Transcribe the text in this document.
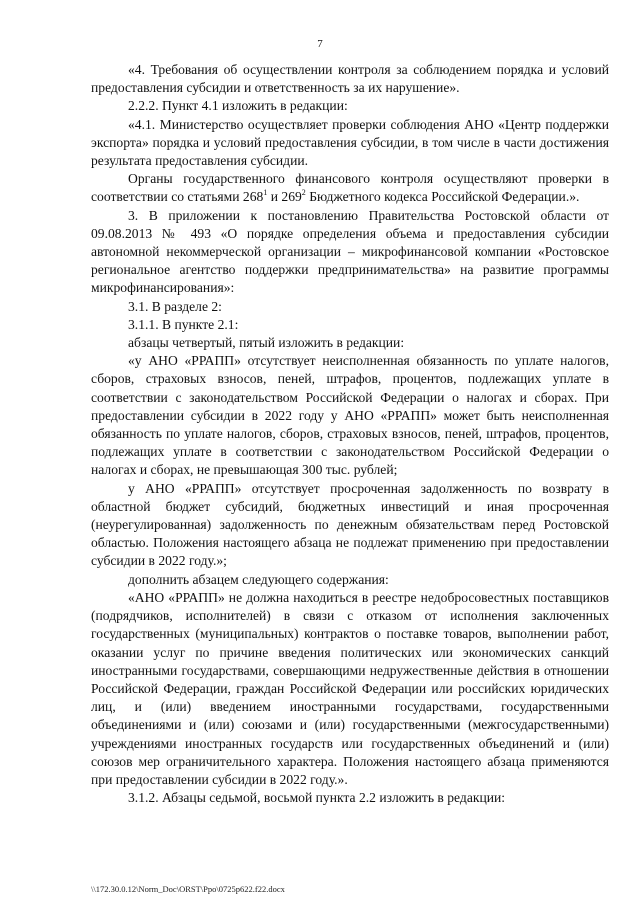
7

«4. Требования об осуществлении контроля за соблюдением порядка и условий предоставления субсидии и ответственность за их нарушение».

2.2.2. Пункт 4.1 изложить в редакции:

«4.1. Министерство осуществляет проверки соблюдения АНО «Центр поддержки экспорта» порядка и условий предоставления субсидии, в том числе в части достижения результата предоставления субсидии.

Органы государственного финансового контроля осуществляют проверки в соответствии со статьями $268^1$ и $269^2$ Бюджетного кодекса Российской Федерации.».

3. В приложении к постановлению Правительства Ростовской области от 09.08.2013 № 493 «О порядке определения объема и предоставления субсидии автономной некоммерческой организации – микрофинансовой компании «Ростовское региональное агентство поддержки предпринимательства» на развитие программы микрофинансирования»:

3.1. В разделе 2:

3.1.1. В пункте 2.1:

абзацы четвертый, пятый изложить в редакции:

«у АНО «РРАПП» отсутствует неисполненная обязанность по уплате налогов, сборов, страховых взносов, пеней, штрафов, процентов, подлежащих уплате в соответствии с законодательством Российской Федерации о налогах и сборах. При предоставлении субсидии в 2022 году у АНО «РРАПП» может быть неисполненная обязанность по уплате налогов, сборов, страховых взносов, пеней, штрафов, процентов, подлежащих уплате в соответствии с законодательством Российской Федерации о налогах и сборах, не превышающая 300 тыс. рублей;

у АНО «РРАПП» отсутствует просроченная задолженность по возврату в областной бюджет субсидий, бюджетных инвестиций и иная просроченная (неурегулированная) задолженность по денежным обязательствам перед Ростовской областью. Положения настоящего абзаца не подлежат применению при предоставлении субсидии в 2022 году.»;

дополнить абзацем следующего содержания:

«АНО «РРАПП» не должна находиться в реестре недобросовестных поставщиков (подрядчиков, исполнителей) в связи с отказом от исполнения заключенных государственных (муниципальных) контрактов о поставке товаров, выполнении работ, оказании услуг по причине введения политических или экономических санкций иностранными государствами, совершающими недружественные действия в отношении Российской Федерации, граждан Российской Федерации или российских юридических лиц, и (или) введением иностранными государствами, государственными объединениями и (или) союзами и (или) государственными (межгосударственными) учреждениями иностранных государств или государственных объединений и (или) союзов мер ограничительного характера. Положения настоящего абзаца применяются при предоставлении субсидии в 2022 году.».

3.1.2. Абзацы седьмой, восьмой пункта 2.2 изложить в редакции:

\\172.30.0.12\Norm_Doc\ORST\Ppo\0725p622.f22.docx
